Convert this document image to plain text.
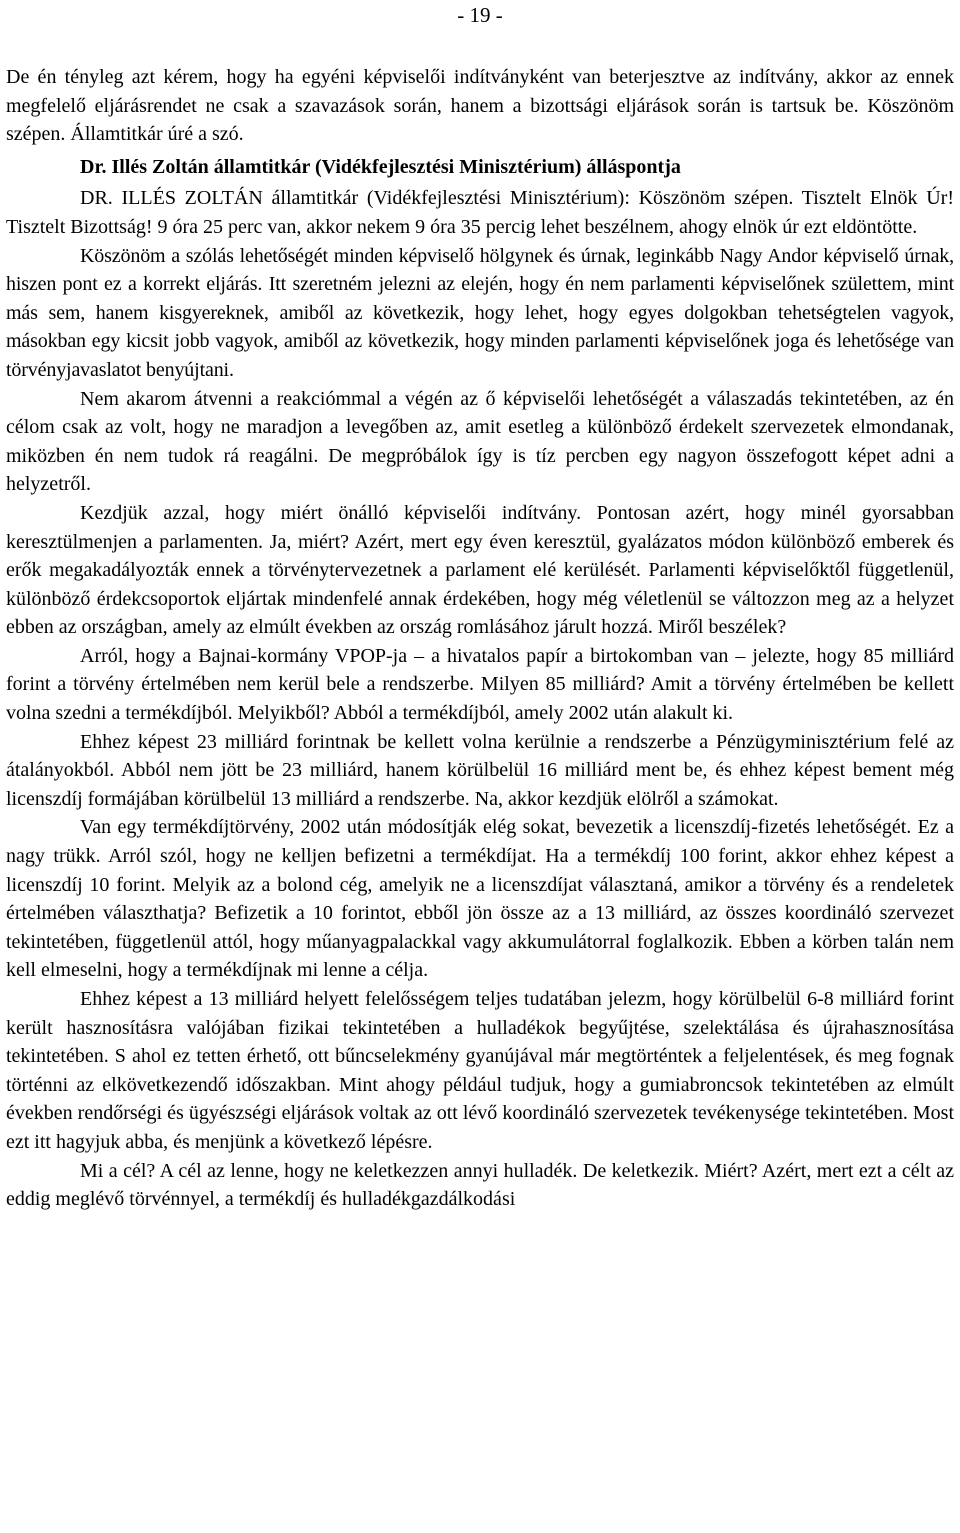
- 19 -

De én tényleg azt kérem, hogy ha egyéni képviselői indítványként van beterjesztve az indítvány, akkor az ennek megfelelő eljárásrendet ne csak a szavazások során, hanem a bizottsági eljárások során is tartsuk be. Köszönöm szépen. Államtitkár úré a szó.

Dr. Illés Zoltán államtitkár (Vidékfejlesztési Minisztérium) álláspontja

DR. ILLÉS ZOLTÁN államtitkár (Vidékfejlesztési Minisztérium): Köszönöm szépen. Tisztelt Elnök Úr! Tisztelt Bizottság! 9 óra 25 perc van, akkor nekem 9 óra 35 percig lehet beszélnem, ahogy elnök úr ezt eldöntötte.

Köszönöm a szólás lehetőségét minden képviselő hölgynek és úrnak, leginkább Nagy Andor képviselő úrnak, hiszen pont ez a korrekt eljárás. Itt szeretném jelezni az elején, hogy én nem parlamenti képviselőnek születtem, mint más sem, hanem kisgyereknek, amiből az következik, hogy lehet, hogy egyes dolgokban tehetségtelen vagyok, másokban egy kicsit jobb vagyok, amiből az következik, hogy minden parlamenti képviselőnek joga és lehetősége van törvényjavaslatot benyújtani.

Nem akarom átvenni a reakciómmal a végén az ő képviselői lehetőségét a válaszadás tekintetében, az én célom csak az volt, hogy ne maradjon a levegőben az, amit esetleg a különböző érdekelt szervezetek elmondanak, miközben én nem tudok rá reagálni. De megpróbálok így is tíz percben egy nagyon összefogott képet adni a helyzetről.

Kezdjük azzal, hogy miért önálló képviselői indítvány. Pontosan azért, hogy minél gyorsabban keresztülmenjen a parlamenten. Ja, miért? Azért, mert egy éven keresztül, gyalázatos módon különböző emberek és erők megakadályozták ennek a törvénytervezetnek a parlament elé kerülését. Parlamenti képviselőktől függetlenül, különböző érdekcsoportok eljártak mindenfelé annak érdekében, hogy még véletlenül se változzon meg az a helyzet ebben az országban, amely az elmúlt években az ország romlásához járult hozzá. Miről beszélek?

Arról, hogy a Bajnai-kormány VPOP-ja – a hivatalos papír a birtokomban van – jelezte, hogy 85 milliárd forint a törvény értelmében nem kerül bele a rendszerbe. Milyen 85 milliárd? Amit a törvény értelmében be kellett volna szedni a termékdíjból. Melyikből? Abból a termékdíjból, amely 2002 után alakult ki.

Ehhez képest 23 milliárd forintnak be kellett volna kerülnie a rendszerbe a Pénzügyminisztérium felé az átalányokból. Abból nem jött be 23 milliárd, hanem körülbelül 16 milliárd ment be, és ehhez képest bement még licenszdíj formájában körülbelül 13 milliárd a rendszerbe. Na, akkor kezdjük elölről a számokat.

Van egy termékdíjtörvény, 2002 után módosítják elég sokat, bevezetik a licenszdíj-fizetés lehetőségét. Ez a nagy trükk. Arról szól, hogy ne kelljen befizetni a termékdíjat. Ha a termékdíj 100 forint, akkor ehhez képest a licenszdíj 10 forint. Melyik az a bolond cég, amelyik ne a licenszdíjat választaná, amikor a törvény és a rendeletek értelmében választhatja? Befizetik a 10 forintot, ebből jön össze az a 13 milliárd, az összes koordináló szervezet tekintetében, függetlenül attól, hogy műanyagpalackkal vagy akkumulátorral foglalkozik. Ebben a körben talán nem kell elmeselni, hogy a termékdíjnak mi lenne a célja.

Ehhez képest a 13 milliárd helyett felelősségem teljes tudatában jelezm, hogy körülbelül 6-8 milliárd forint került hasznosításra valójában fizikai tekintetében a hulladékok begyűjtése, szelektálása és újrahasznosítása tekintetében. S ahol ez tetten érhető, ott bűncselekmény gyanújával már megtörténtek a feljelentések, és meg fognak történni az elkövetkezendő időszakban. Mint ahogy például tudjuk, hogy a gumiabroncsok tekintetében az elmúlt években rendőrségi és ügyészségi eljárások voltak az ott lévő koordináló szervezetek tevékenysége tekintetében. Most ezt itt hagyjuk abba, és menjünk a következő lépésre.

Mi a cél? A cél az lenne, hogy ne keletkezzen annyi hulladék. De keletkezik. Miért? Azért, mert ezt a célt az eddig meglévő törvénnyel, a termékdíj és hulladékgazdálkodási
